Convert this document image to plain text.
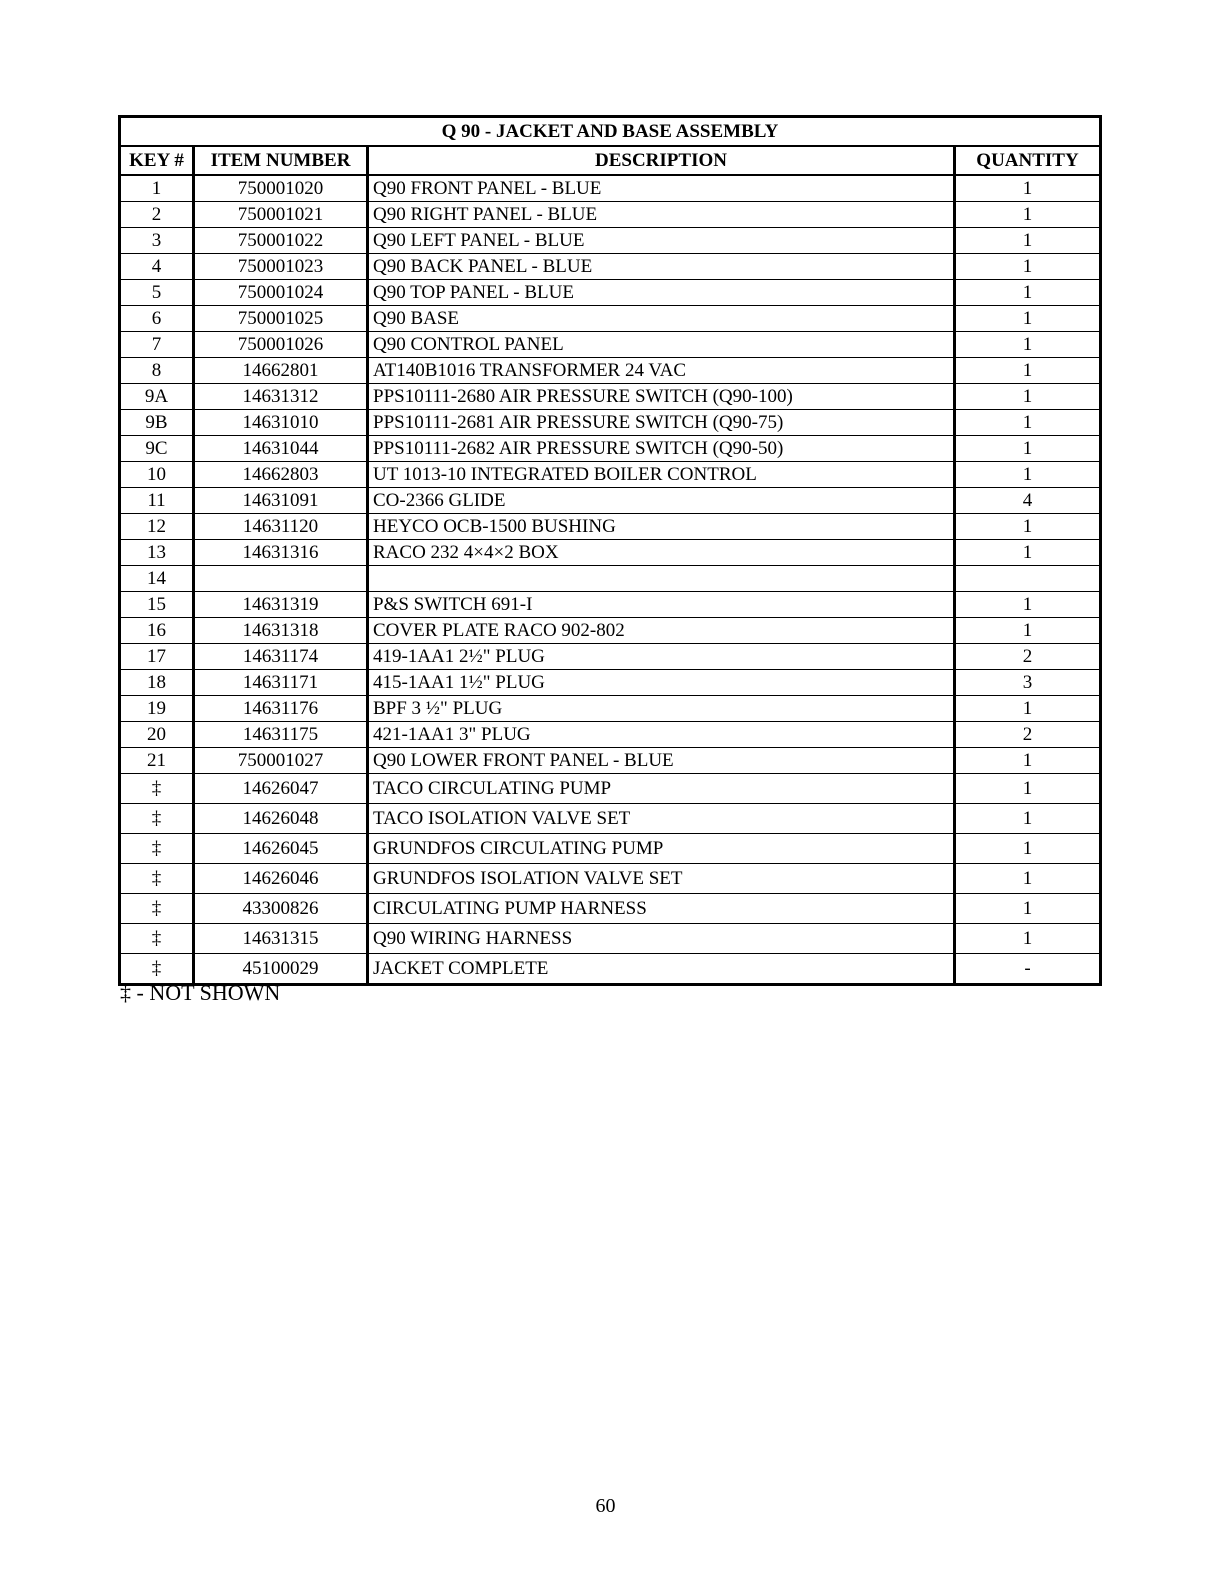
Q 90 - JACKET AND BASE ASSEMBLY			
KEY #	ITEM NUMBER	DESCRIPTION	QUANTITY
1	750001020	Q90 FRONT PANEL - BLUE	1
2	750001021	Q90 RIGHT PANEL - BLUE	1
3	750001022	Q90 LEFT PANEL - BLUE	1
4	750001023	Q90 BACK PANEL - BLUE	1
5	750001024	Q90 TOP PANEL - BLUE	1
6	750001025	Q90 BASE	1
7	750001026	Q90 CONTROL PANEL	1
8	14662801	AT140B1016 TRANSFORMER 24 VAC	1
9A	14631312	PPS10111-2680 AIR PRESSURE SWITCH (Q90-100)	1
9B	14631010	PPS10111-2681 AIR PRESSURE SWITCH (Q90-75)	1
9C	14631044	PPS10111-2682 AIR PRESSURE SWITCH (Q90-50)	1
10	14662803	UT 1013-10 INTEGRATED BOILER CONTROL	1
11	14631091	CO-2366 GLIDE	4
12	14631120	HEYCO OCB-1500 BUSHING	1
13	14631316	RACO 232 4×4×2 BOX	1
14			
15	14631319	P&S SWITCH 691-I	1
16	14631318	COVER PLATE RACO 902-802	1
17	14631174	419-1AA1 2½" PLUG	2
18	14631171	415-1AA1 1½" PLUG	3
19	14631176	BPF 3 ½" PLUG	1
20	14631175	421-1AA1 3" PLUG	2
21	750001027	Q90 LOWER FRONT PANEL - BLUE	1
‡	14626047	TACO CIRCULATING PUMP	1
‡	14626048	TACO ISOLATION VALVE SET	1
‡	14626045	GRUNDFOS CIRCULATING PUMP	1
‡	14626046	GRUNDFOS ISOLATION VALVE SET	1
‡	43300826	CIRCULATING PUMP HARNESS	1
‡	14631315	Q90 WIRING HARNESS	1
‡	45100029	JACKET COMPLETE	-
‡ - NOT SHOWN
60
